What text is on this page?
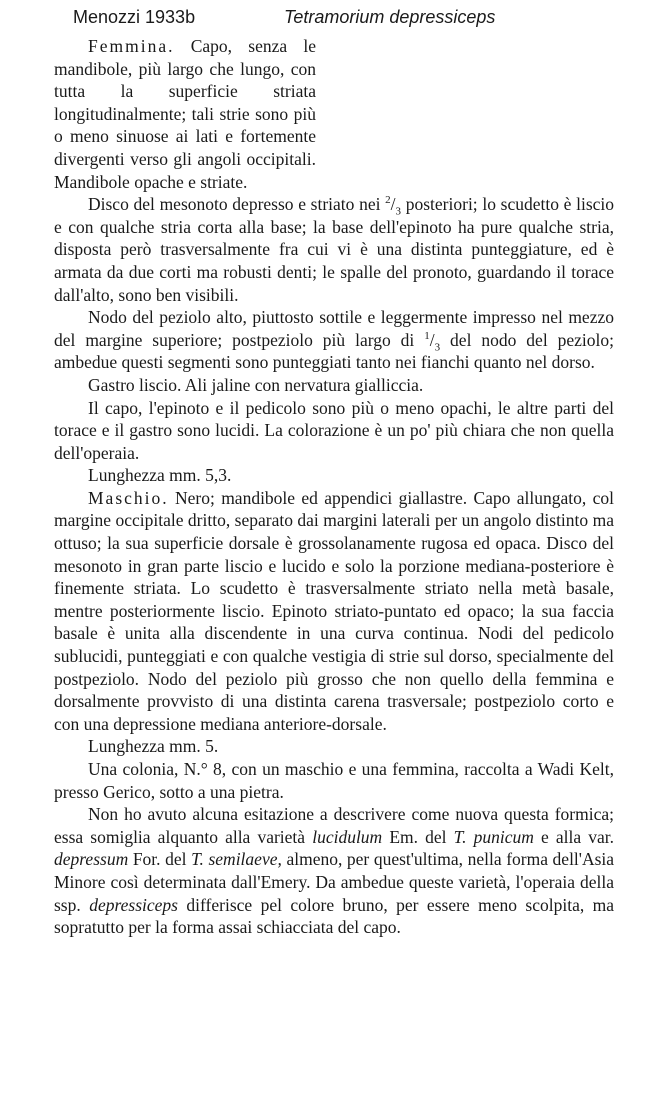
Menozzi 1933b	Tetramorium depressiceps

Femmina. Capo, senza le mandibole, più largo che lungo, con tutta la superficie striata longitudinalmente; tali strie sono più o meno sinuose ai lati e fortemente divergenti verso gli angoli occipitali. Mandibole opache e striate.

Disco del mesonoto depresso e striato nei $^2/_3$ posteriori; lo scudetto è liscio e con qualche stria corta alla base; la base dell'epinoto ha pure qualche stria, disposta però trasversalmente fra cui vi è una distinta punteggiature, ed è armata da due corti ma robusti denti; le spalle del pronoto, guardando il torace dall'alto, sono ben visibili.

Nodo del peziolo alto, piuttosto sottile e leggermente impresso nel mezzo del margine superiore; postpeziolo più largo di $^1/_3$ del nodo del peziolo; ambedue questi segmenti sono punteggiati tanto nei fianchi quanto nel dorso.

Gastro liscio. Ali jaline con nervatura gialliccia.

Il capo, l'epinoto e il pedicolo sono più o meno opachi, le altre parti del torace e il gastro sono lucidi. La colorazione è un po' più chiara che non quella dell'operaia.

Lunghezza mm. 5,3.

Maschio. Nero; mandibole ed appendici giallastre. Capo allungato, col margine occipitale dritto, separato dai margini laterali per un angolo distinto ma ottuso; la sua superficie dorsale è grossolanamente rugosa ed opaca. Disco del mesonoto in gran parte liscio e lucido e solo la porzione mediana-posteriore è finemente striata. Lo scudetto è trasversalmente striato nella metà basale, mentre posteriormente liscio. Epinoto striato-puntato ed opaco; la sua faccia basale è unita alla discendente in una curva continua. Nodi del pedicolo sublucidi, punteggiati e con qualche vestigia di strie sul dorso, specialmente del postpeziolo. Nodo del peziolo più grosso che non quello della femmina e dorsalmente provvisto di una distinta carena trasversale; postpeziolo corto e con una depressione mediana anteriore-dorsale.

Lunghezza mm. 5.

Una colonia, N.° 8, con un maschio e una femmina, raccolta a Wadi Kelt, presso Gerico, sotto a una pietra.

Non ho avuto alcuna esitazione a descrivere come nuova questa formica; essa somiglia alquanto alla varietà lucidulum Em. del T. punicum e alla var. depressum For. del T. semilaeve, almeno, per quest'ultima, nella forma dell'Asia Minore così determinata dall'Emery. Da ambedue queste varietà, l'operaia della ssp. depressiceps differisce pel colore bruno, per essere meno scolpita, ma sopratutto per la forma assai schiacciata del capo.
